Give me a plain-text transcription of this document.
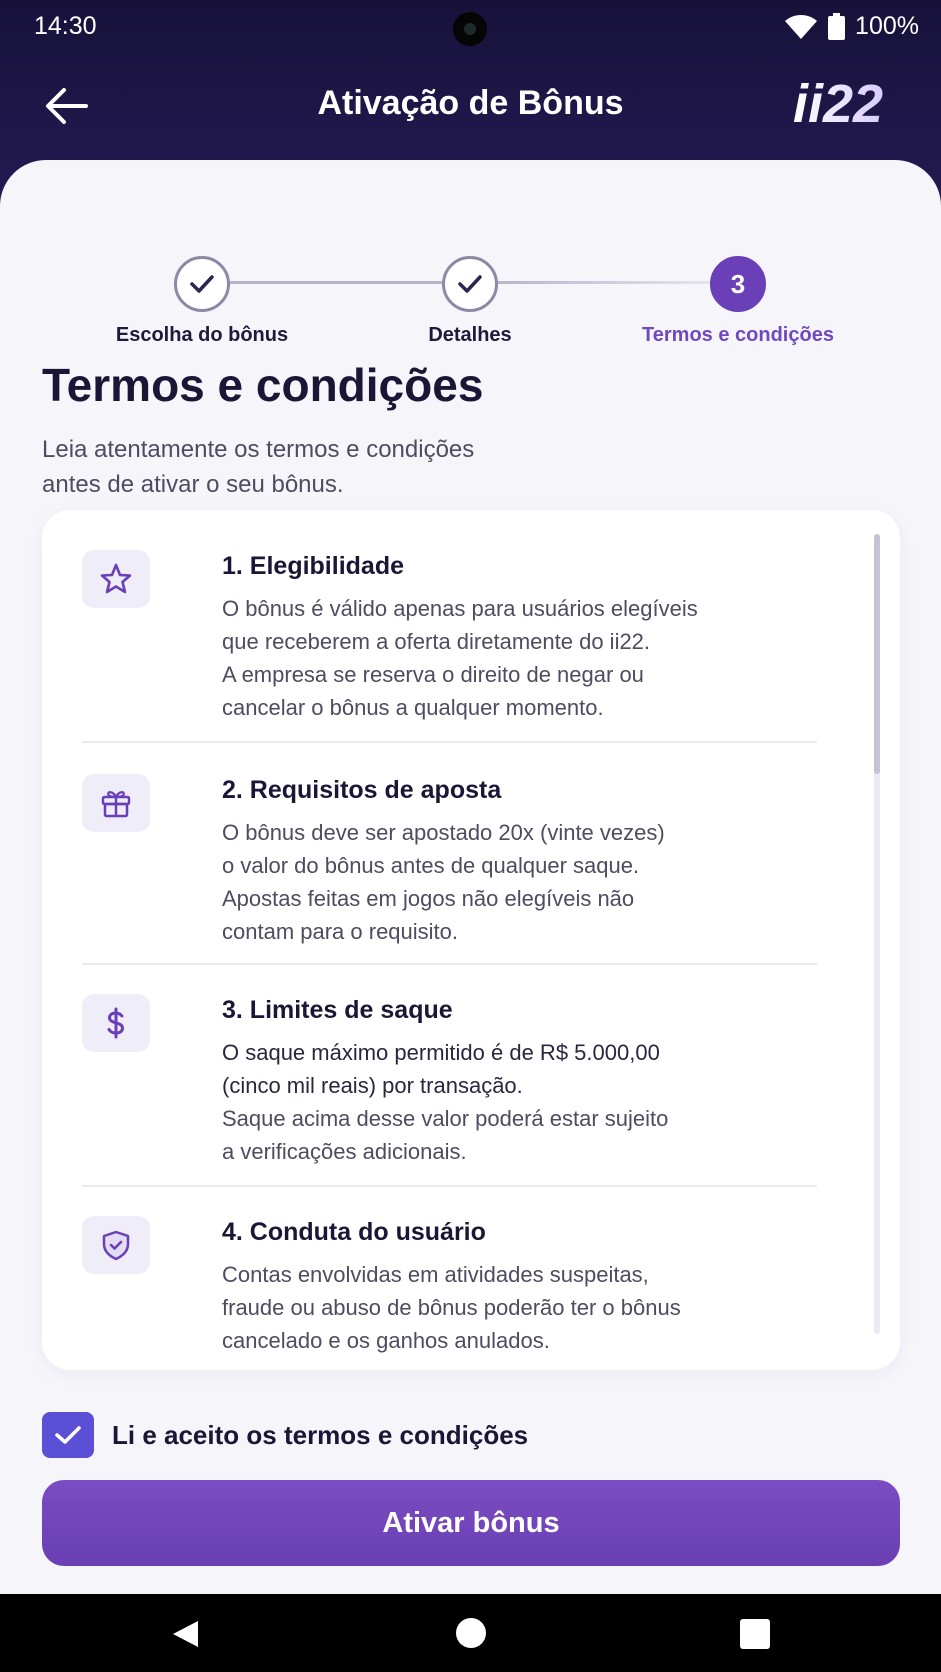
14:30	100%
Ativação de Bônus	ii22
Escolha do bônus	Detalhes
3
Termos e condições
Termos e condições
Leia atentamente os termos e condições
antes de ativar o seu bônus.
1. Elegibilidade
O bônus é válido apenas para usuários elegíveis
que receberem a oferta diretamente do ii22.
A empresa se reserva o direito de negar ou
cancelar o bônus a qualquer momento.
2. Requisitos de aposta
O bônus deve ser apostado 20x (vinte vezes)
o valor do bônus antes de qualquer saque.
Apostas feitas em jogos não elegíveis não
contam para o requisito.
3. Limites de saque
O saque máximo permitido é de R$ 5.000,00
(cinco mil reais) por transação.
Saque acima desse valor poderá estar sujeito
a verificações adicionais.
4. Conduta do usuário
Contas envolvidas em atividades suspeitas,
fraude ou abuso de bônus poderão ter o bônus
cancelado e os ganhos anulados.
Li e aceito os termos e condições
Ativar bônus
